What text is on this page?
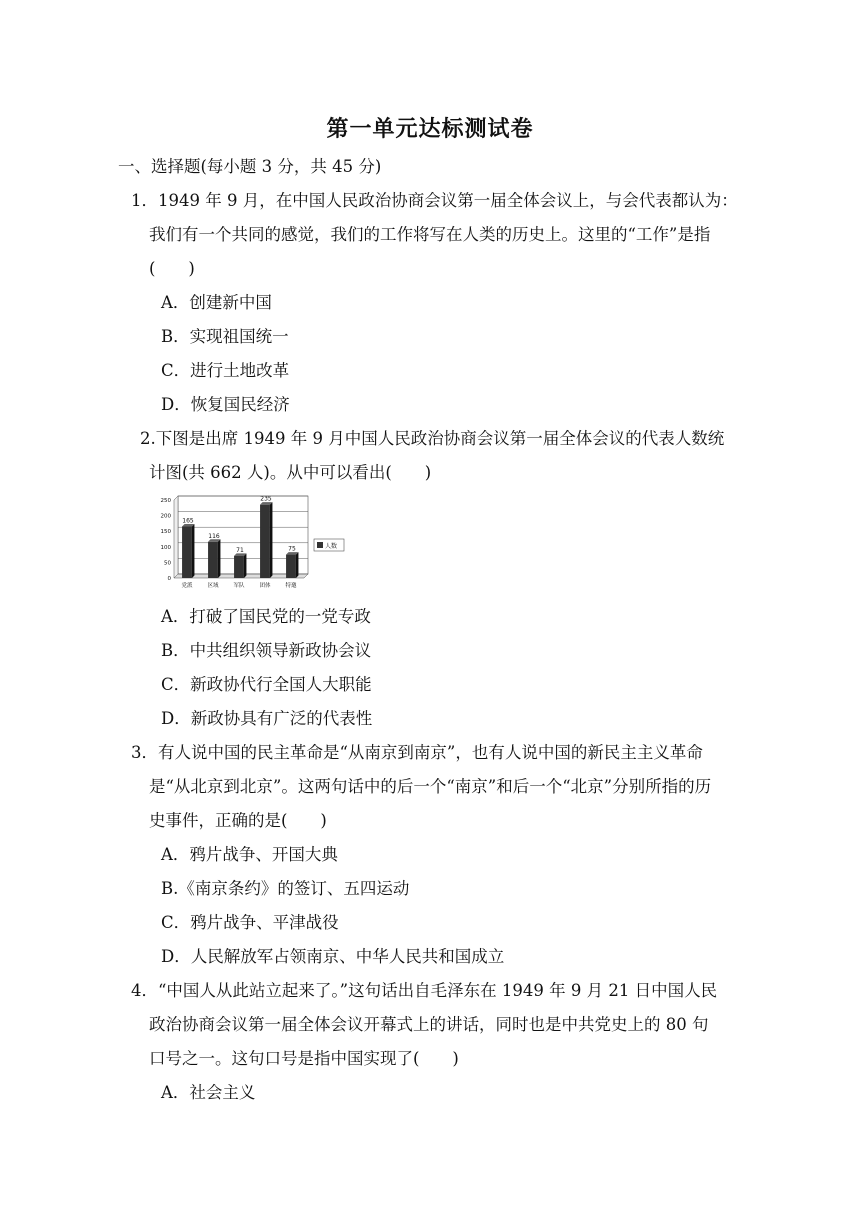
第一单元达标测试卷
一、选择题(每小题 3 分，共 45 分)
1．1949 年 9 月，在中国人民政治协商会议第一届全体会议上，与会代表都认为：
我们有一个共同的感觉，我们的工作将写在人类的历史上。这里的“工作”是指
(　　)
A．创建新中国
B．实现祖国统一
C．进行土地改革
D．恢复国民经济
2.下图是出席 1949 年 9 月中国人民政治协商会议第一届全体会议的代表人数统
计图(共 662 人)。从中可以看出(　　)
0
50
100
150
200
250
165
党派
116
区域
71
军队
235
团体
75
特邀
人数
A．打破了国民党的一党专政
B．中共组织领导新政协会议
C．新政协代行全国人大职能
D．新政协具有广泛的代表性
3．有人说中国的民主革命是“从南京到南京”，也有人说中国的新民主主义革命
是“从北京到北京”。这两句话中的后一个“南京”和后一个“北京”分别所指的历
史事件，正确的是(　　)
A．鸦片战争、开国大典
B.《南京条约》的签订、五四运动
C．鸦片战争、平津战役
D．人民解放军占领南京、中华人民共和国成立
4．“中国人从此站立起来了。”这句话出自毛泽东在 1949 年 9 月 21 日中国人民
政治协商会议第一届全体会议开幕式上的讲话，同时也是中共党史上的 80 句
口号之一。这句口号是指中国实现了(　　)
A．社会主义
